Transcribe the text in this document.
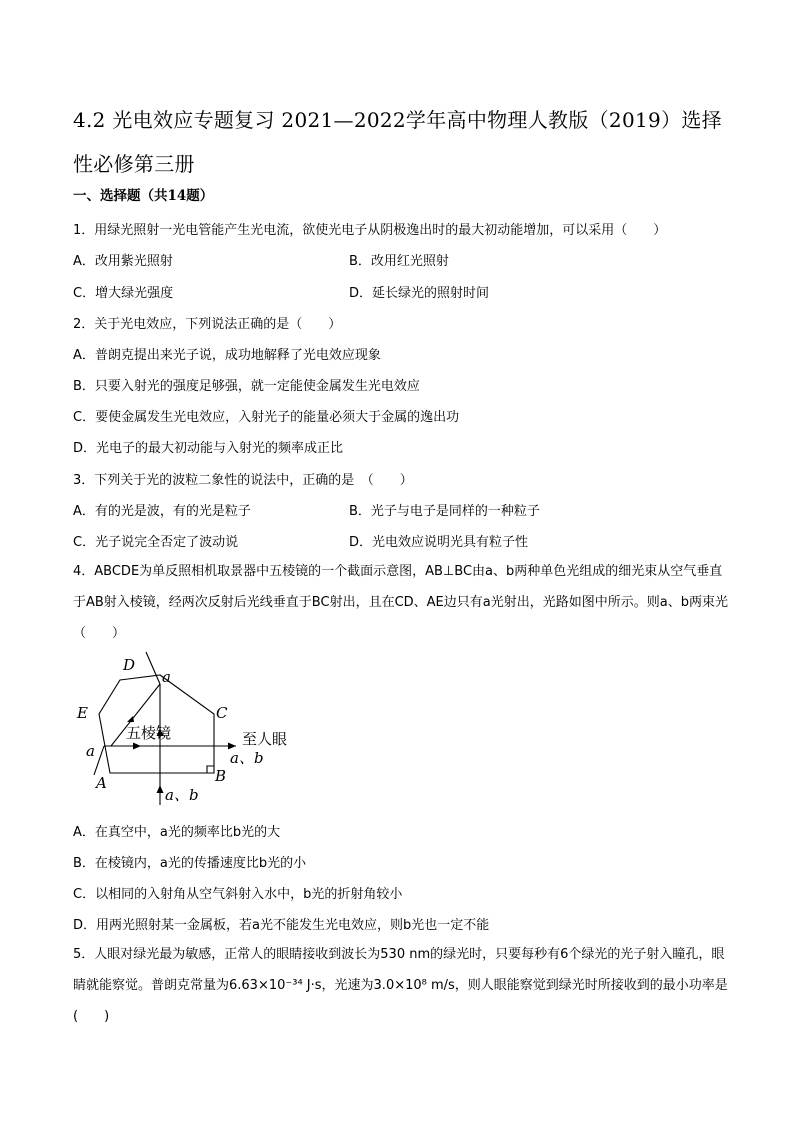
4.2 光电效应专题复习 2021—2022学年高中物理人教版（2019）选择性必修第三册
一、选择题（共14题）
1．用绿光照射一光电管能产生光电流，欲使光电子从阴极逸出时的最大初动能增加，可以采用（　　）
A．改用紫光照射	B．改用红光照射
C．增大绿光强度	D．延长绿光的照射时间
2．关于光电效应，下列说法正确的是（　　）
A．普朗克提出来光子说，成功地解释了光电效应现象
B．只要入射光的强度足够强，就一定能使金属发生光电效应
C．要使金属发生光电效应，入射光子的能量必须大于金属的逸出功
D．光电子的最大初动能与入射光的频率成正比
3．下列关于光的波粒二象性的说法中，正确的是　（　　）
A．有的光是波，有的光是粒子	B．光子与电子是同样的一种粒子
C．光子说完全否定了波动说	D．光电效应说明光具有粒子性
4．ABCDE为单反照相机取景器中五棱镜的一个截面示意图，AB⊥BC由a、b两种单色光组成的细光束从空气垂直于AB射入棱镜，经两次反射后光线垂直于BC射出，且在CD、AE边只有a光射出，光路如图中所示。则a、b两束光（　　）
D
C
E
A	B
a
a	a、b
a、b
五棱镜	至人眼
A．在真空中，a光的频率比b光的大
B．在棱镜内，a光的传播速度比b光的小
C．以相同的入射角从空气斜射入水中，b光的折射角较小
D．用两光照射某一金属板，若a光不能发生光电效应，则b光也一定不能
5．人眼对绿光最为敏感，正常人的眼睛接收到波长为530 nm的绿光时，只要每秒有6个绿光的光子射入瞳孔，眼睛就能察觉。普朗克常量为6.63×10⁻³⁴ J·s，光速为3.0×10⁸ m/s，则人眼能察觉到绿光时所接收到的最小功率是(　　)
